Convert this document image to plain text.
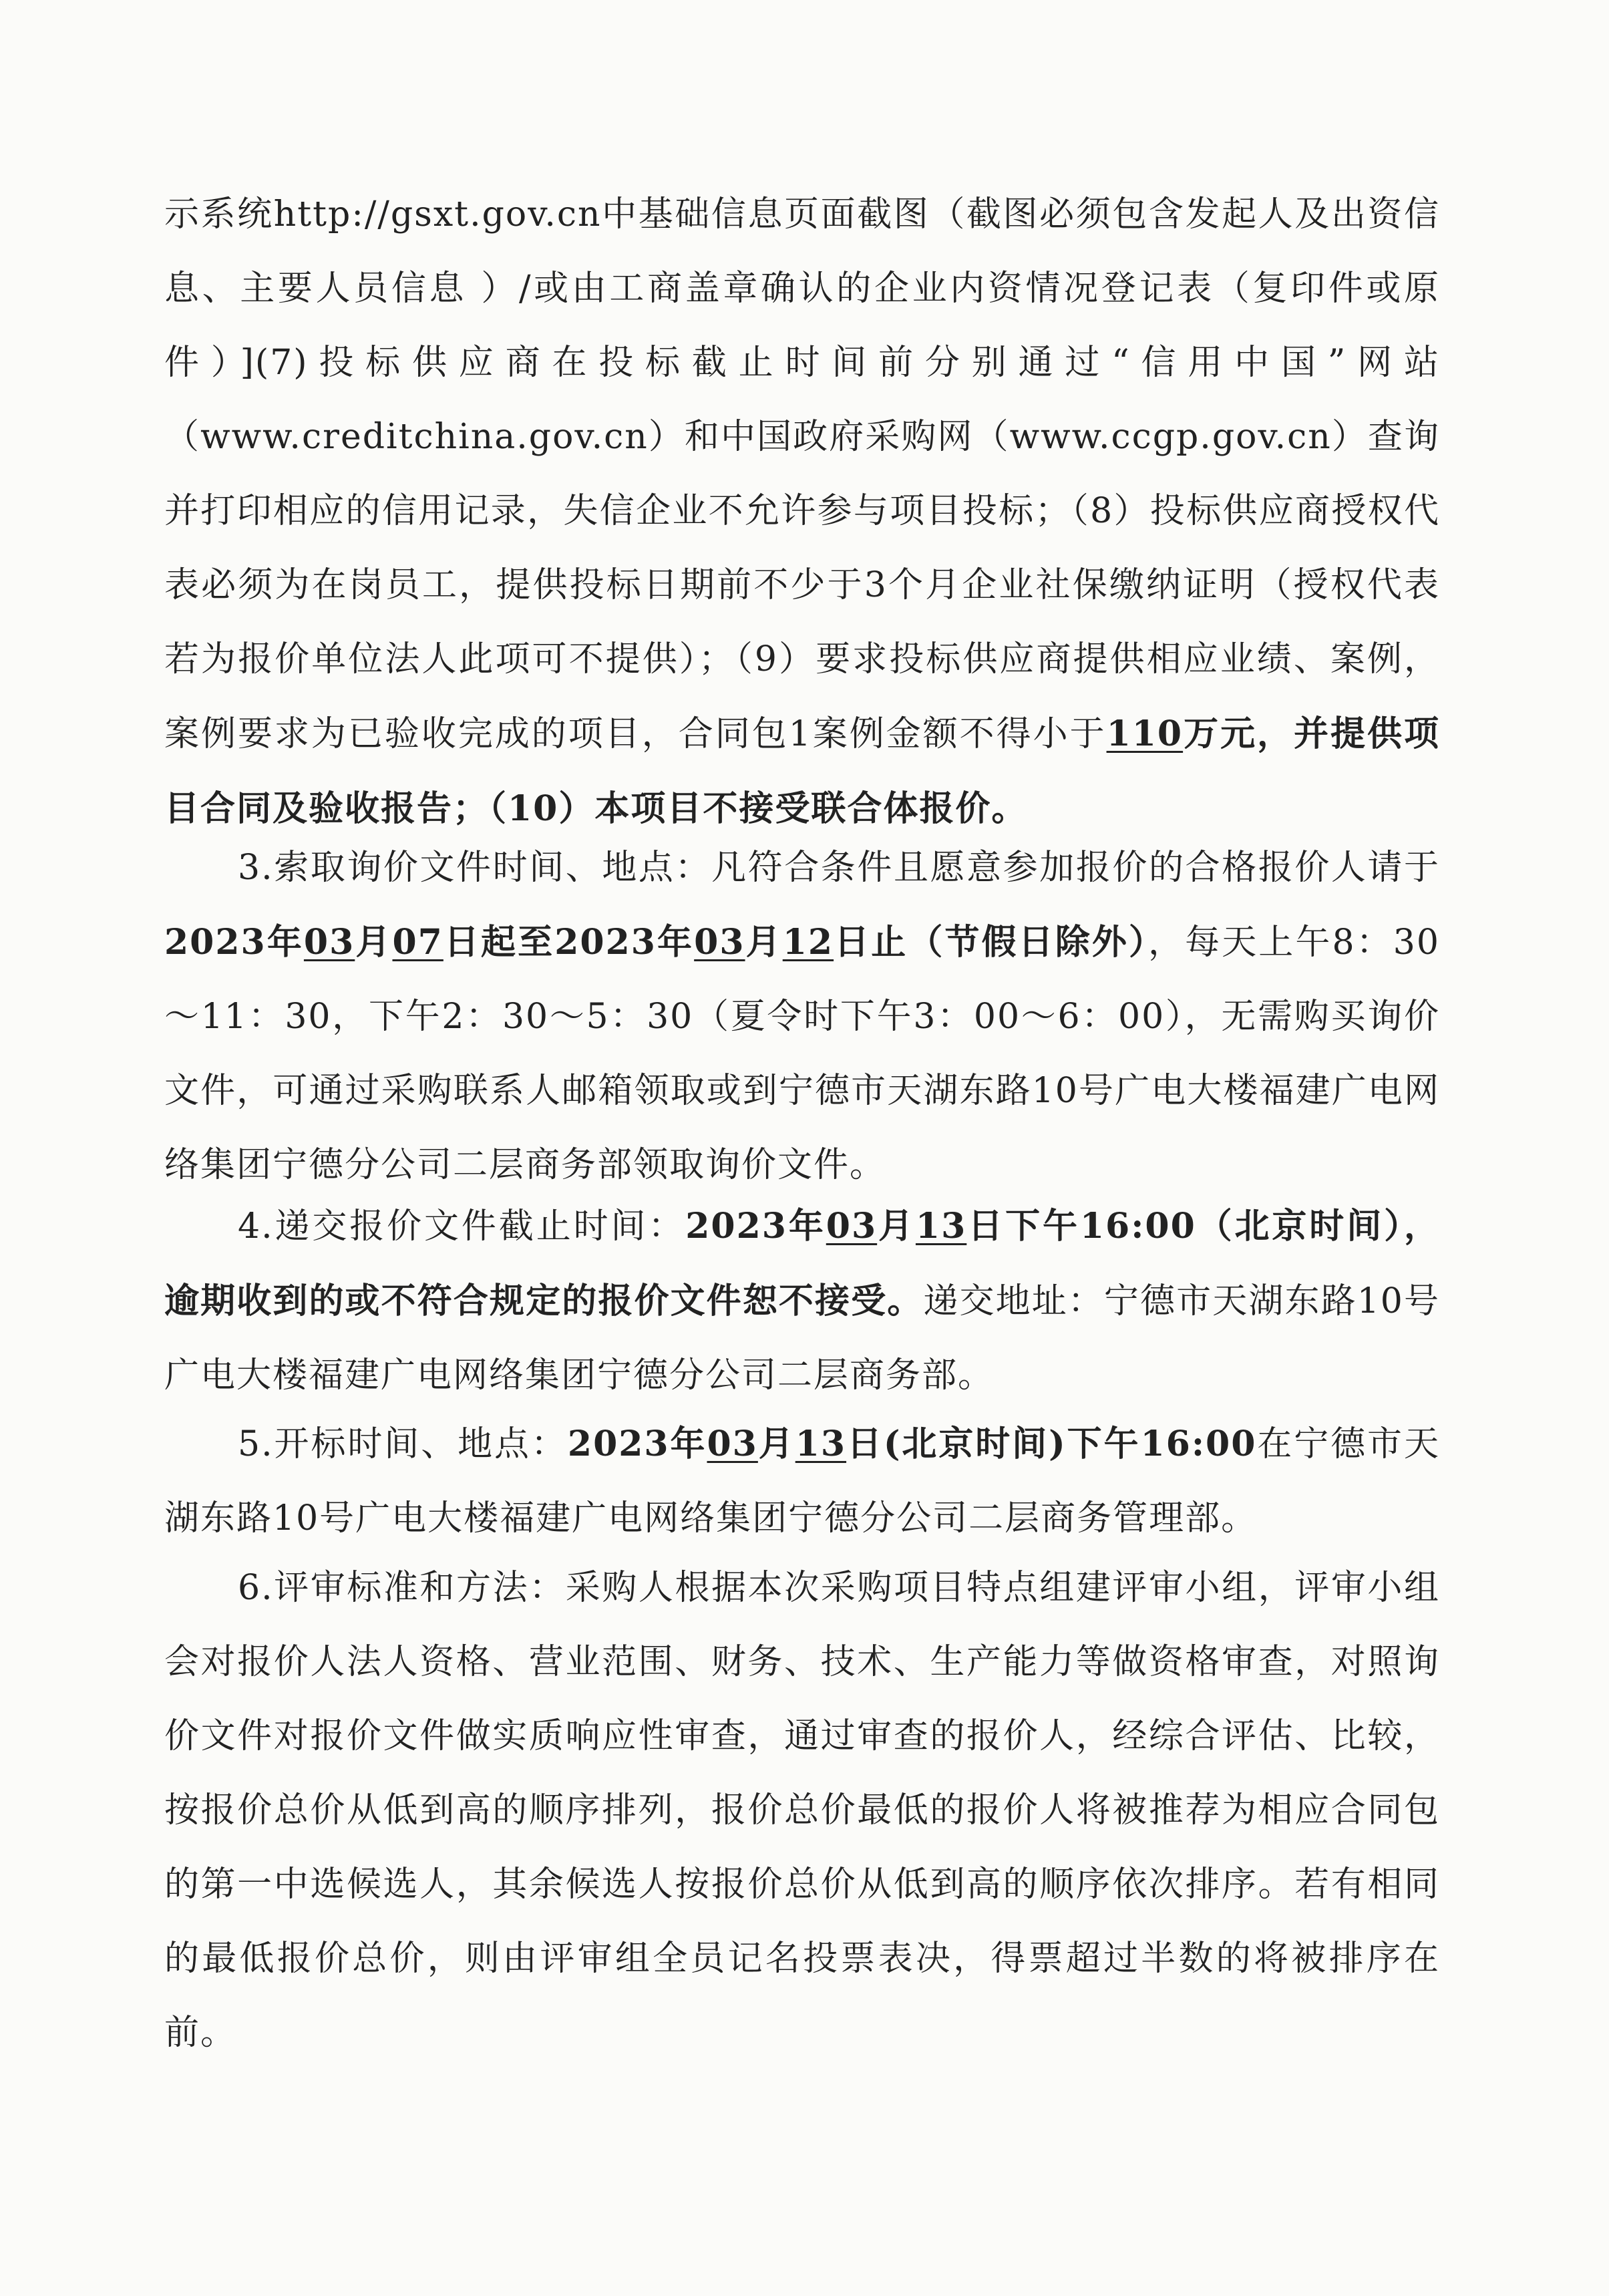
示系统http://gsxt.gov.cn中基础信息页面截图（截图必须包含发起人及出资信息、主要人员信息 ）/或由工商盖章确认的企业内资情况登记表（复印件或原件）](7)投标供应商在投标截止时间前分别通过“信用中国”网站（www.creditchina.gov.cn）和中国政府采购网（www.ccgp.gov.cn）查询并打印相应的信用记录，失信企业不允许参与项目投标；（8）投标供应商授权代表必须为在岗员工，提供投标日期前不少于3个月企业社保缴纳证明（授权代表若为报价单位法人此项可不提供）；（9）要求投标供应商提供相应业绩、案例，案例要求为已验收完成的项目，合同包1案例金额不得小于110万元，并提供项目合同及验收报告；（10）本项目不接受联合体报价。

3.索取询价文件时间、地点：凡符合条件且愿意参加报价的合格报价人请于2023年03月07日起至2023年03月12日止（节假日除外），每天上午8：30～11：30，下午2：30～5：30（夏令时下午3：00～6：00），无需购买询价文件，可通过采购联系人邮箱领取或到宁德市天湖东路10号广电大楼福建广电网络集团宁德分公司二层商务部领取询价文件。

4.递交报价文件截止时间：2023年03月13日下午16:00（北京时间），逾期收到的或不符合规定的报价文件恕不接受。递交地址：宁德市天湖东路10号广电大楼福建广电网络集团宁德分公司二层商务部。

5.开标时间、地点：2023年03月13日(北京时间)下午16:00在宁德市天湖东路10号广电大楼福建广电网络集团宁德分公司二层商务管理部。

6.评审标准和方法：采购人根据本次采购项目特点组建评审小组，评审小组会对报价人法人资格、营业范围、财务、技术、生产能力等做资格审查，对照询价文件对报价文件做实质响应性审查，通过审查的报价人，经综合评估、比较，按报价总价从低到高的顺序排列，报价总价最低的报价人将被推荐为相应合同包的第一中选候选人，其余候选人按报价总价从低到高的顺序依次排序。若有相同的最低报价总价，则由评审组全员记名投票表决，得票超过半数的将被排序在前。
